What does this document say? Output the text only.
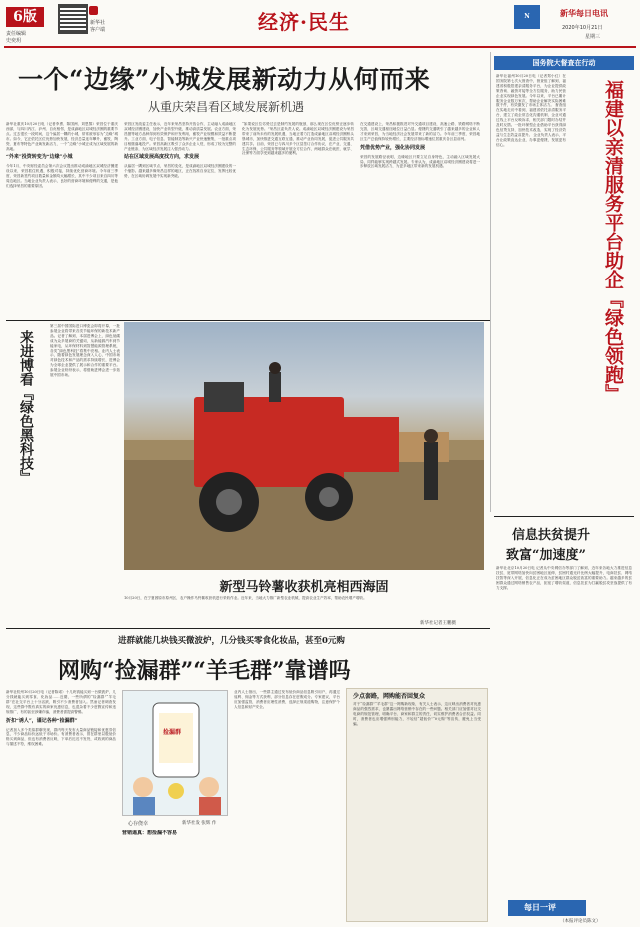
6版
责任编辑
史奕玥
新华社
客户端	经济·民生	N	新华每日电讯
2020年10月21日
星期三
一个“边缘”小城发展新动力从何而来
从重庆荣昌看区域发展新机遇
新华社重庆10月20日电（记者李勇、陈国洲、刘恩黎）荣昌位于重庆西部，与四川内江、泸州、自贡相邻，是成渝地区双城经济圈的重要节点。过去很长一段时间，这个偏居一隅的小城，常常被形容为“边缘”城市。如今，它正依托区位优势加快发展，经济总量连年攀升，畜牧、陶瓷、夏布等特色产业焕发新活力，一个“边缘”小城正成为区域发展的新高地。
“外来”投资转变为“边缘”小城
今年1月，中央财经委员会第六次会议提出推动成渝地区双城经济圈建设以来，荣昌抓住机遇，积极对接，持续优化营商环境。今年前三季度，荣昌新签约项目数量和金额均大幅增长，其中不少项目来自四川等周边地区。当地企业负责人表示，良好的营商环境和便利的交通，是他们选择荣昌的重要原因。
荣昌区发改委主任表示，近年来荣昌坚持开放合作，主动融入成渝地区双城经济圈建设，加快产业转型升级，推动高质量发展。农业方面，荣昌猪等地方品种得到有效保护和开发利用，畜牧产业规模和效益不断提升。工业方面，电子信息、智能制造等新兴产业快速聚集，一批重点项目相继落地投产。荣昌高新区吸引了众多企业入驻，形成了较为完整的产业链条，为区域经济发展注入强劲动力。
站在区域发展高度找方向，求发展
从偏居一隅到区域节点，荣昌的变化，是成渝地区双城经济圈建设的一个缩影。越来越多像荣昌这样的地区，正在找准自身定位，发挥比较优势，在区域协调发展中实现新突破。
“如果说区位劣势过去是制约发展的瓶颈，那么现在区位优势正逐步转化为发展优势。”荣昌区委负责人说。成渝地区双城经济圈建设为荣昌带来了前所未有的发展机遇，当地正着力打造成渝地区双城经济圈桥头堡城市，加快推进交通互联互通，推动产业协同发展，促进公共服务共建共享。目前，荣昌已与四川多个区县签订合作协议，在产业、交通、生态环保、公共服务等领域开展全方位合作，两地群众在就医、就学、社保等方面享受到越来越多的便利。
在交通建设上，荣昌积极推进对外交通项目建设，高速公路、铁路网络不断完善，区域交通枢纽地位日益凸显。便捷的交通吸引了越来越多的企业和人才来到荣昌，为当地经济社会发展带来了新的活力。今年前三季度，荣昌地区生产总值保持较快增长，主要经济指标增速位居重庆各区县前列。
凭借优势产业，强化协同发展
荣昌的发展路径表明，边缘地区只要立足自身特色，主动融入区域发展大局，同样能够实现跨越式发展。专家认为，成渝地区双城经济圈建设将进一步释放区域发展活力，为更多地区带来新的发展机遇。
国务院大督查在行动
新华社福州10月20日电（记者郑小红）在国务院第七次大督查中，督查组了解到，福建省积极搭建亲清服务平台，为企业提供政策咨询、融资对接等全方位服务，助力民营企业实现绿色发展。今年以来，平台已累计服务企业数万家次，帮助企业解决实际困难数千件，有效激发了市场主体活力。 督查组在实地走访中看到，福建省依托亲清服务平台，建立了政企常态化沟通机制，企业可通过线上平台反映诉求，相关部门限时办结并及时反馈。一批环保型企业借助平台获得绿色信贷支持，加快技术改造，实现了经济效益与生态效益双提升。 企业负责人表示，平台让政策直达企业，办事更便捷，发展更有信心。	福建以亲清服务平台助企『绿色领跑』
来进博看『绿色黑科技』
第三届中国国际进口博览会即将开幕，一批参展企业将带来各类节能环保的新技术新产品。记者了解到，本届进博会上，绿色低碳成为众多展商的关键词，从新能源汽车到节能家电，从环保材料到智慧能源管理系统，各类“绿色黑科技”将集中亮相。业内人士表示，随着绿色发展理念深入人心，中国市场对绿色技术和产品的需求持续增长，进博会为全球企业提供了展示和合作的重要平台。参展企业纷纷表示，将借助进博会进一步拓展中国市场。
新型马铃薯收获机亮相西海固
10月20日，在宁夏固原市原州区，农户操作马铃薯收获机进行采收作业。近年来，当地大力推广新型农业机械，提高农业生产效率，帮助农民增产增收。
新华社记者王鹏摄
信息扶贫提升
致富“加速度”
新华社北京10月20日电 记者从中央网信办等部门了解到，近年来各地大力推进信息扶贫，宽带网络加快向贫困地区延伸，贫困村通光纤比例大幅提升，电商扶贫、网络扶智等深入开展，信息化正在成为贫困地区群众脱贫致富的重要助力。越来越多的贫困群众通过网络销售农产品，拓宽了增收渠道，信息扶贫为打赢脱贫攻坚战提供了有力支撑。
进群就能几块钱买微波炉，几分钱买零食化妆品，甚至0元购
网购“捡漏群”“羊毛群”靠谱吗
新华社杭州10月20日电（记者陈诺）十几块钱能买到一台微波炉，几分钱就能买到零食、化妆品……近期，一些所谓的“捡漏群”“羊毛群”在社交平台上十分活跃，吸引不少消费者加入。然而记者调查发现，这些群中既有真实的商家优惠信息，也混杂着不少虚假宣传和违规推广，有的甚至涉嫌诈骗，消费者需提高警惕。
折扣“诱人”，谨记各种“捡漏群”
记者加入多个类似群聊发现，群内每天发布大量商品链接和优惠券信息，不少商品标价远低于市场价。有消费者表示，曾在群里以极低价格买到商品，但也有消费者反映，下单后迟迟不发货，或收到的商品与描述不符，维权困难。
捡漏群
心存侥幸	新华社发 张辉 作
业内人士指出，一些群主通过发布低价商品信息吸引用户，再通过返利、佣金等方式获利，部分信息存在虚假成分。专家建议，平台应加强监管，消费者应理性消费，选择正规渠道购物，注意保护个人信息和财产安全。
营销逼真：想捡漏不容易
少点套路，网购能否回复众
对于“捡漏群”“羊毛群”这一网购新现象，有关人士表示，这反映出消费者对优惠商品的强烈需求，也暴露出网络营销中存在的一些问题。相关部门应加强对社交电商的规范管理，明确平台、商家和群主的责任，切实维护消费者合法权益。同时，消费者也应增强辨别能力，不轻信“超低价”“0元购”等宣传，避免上当受骗。
每日一评
（本报评论员陈文）
